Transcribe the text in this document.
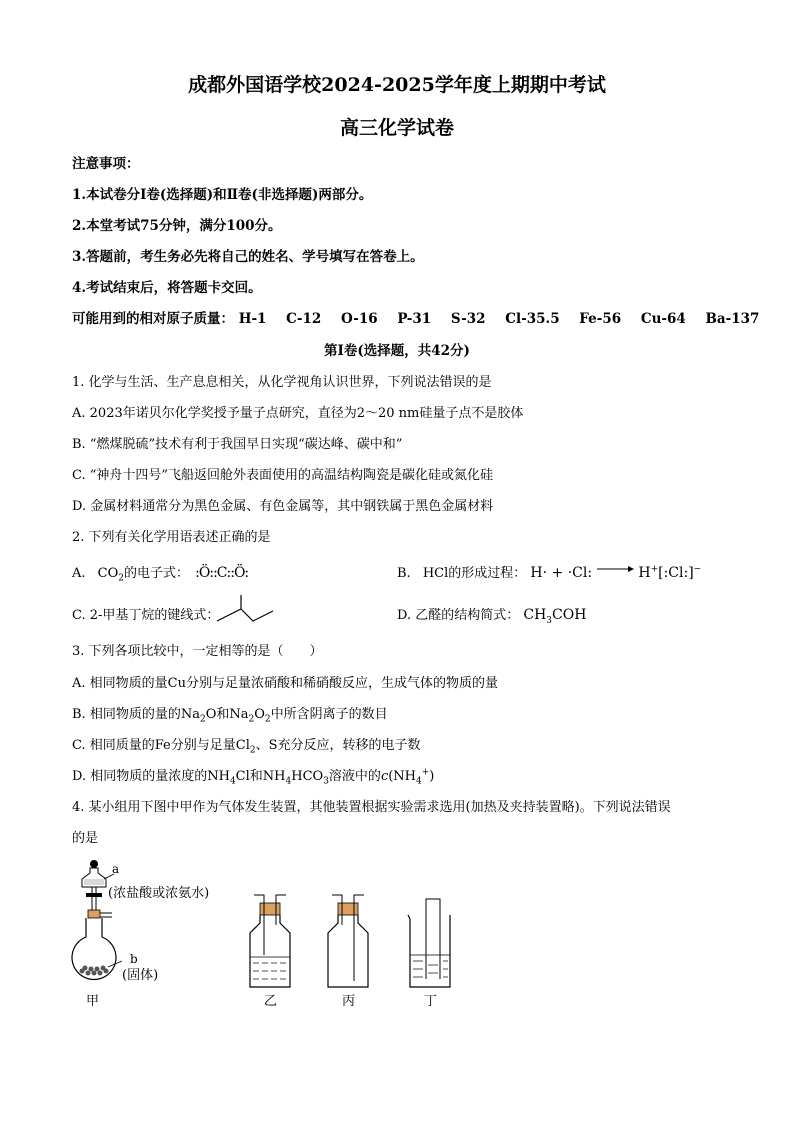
成都外国语学校2024-2025学年度上期期中考试
高三化学试卷
注意事项：
1.本试卷分Ⅰ卷(选择题)和Ⅱ卷(非选择题)两部分。
2.本堂考试75分钟，满分100分。
3.答题前，考生务必先将自己的姓名、学号填写在答卷上。
4.考试结束后，将答题卡交回。
可能用到的相对原子质量： H-1 C-12 O-16 P-31 S-32 Cl-35.5 Fe-56 Cu-64 Ba-137
第Ⅰ卷(选择题，共42分)
1. 化学与生活、生产息息相关，从化学视角认识世界，下列说法错误的是
A. 2023年诺贝尔化学奖授予量子点研究，直径为2～20 nm硅量子点不是胶体
B. “燃煤脱硫”技术有利于我国早日实现“碳达峰、碳中和”
C. “神舟十四号”飞船返回舱外表面使用的高温结构陶瓷是碳化硅或氮化硅
D. 金属材料通常分为黑色金属、有色金属等，其中钢铁属于黑色金属材料
2. 下列有关化学用语表述正确的是
A. $CO_2$的电子式： :Ö::C::Ö:	B. HCl的形成过程： H· + ·Cl:	H+[:Cl:]−
C. 2-甲基丁烷的键线式：	D. 乙醛的结构简式： $CH_3COH$
3. 下列各项比较中，一定相等的是（　　）
A. 相同物质的量Cu分别与足量浓硝酸和稀硝酸反应，生成气体的物质的量
B. 相同物质的量的$Na_2O$和$Na_2O_2$中所含阴离子的数目
C. 相同质量的Fe分别与足量$Cl_2$、S充分反应，转移的电子数
D. 相同物质的量浓度的$NH_4Cl$和$NH_4HCO_3$溶液中的$c(NH_4^+)$
4. 某小组用下图中甲作为气体发生装置，其他装置根据实验需求选用(加热及夹持装置略)。下列说法错误
的是
a
(浓盐酸或浓氨水)
b
(固体)
甲	乙	丙	丁
